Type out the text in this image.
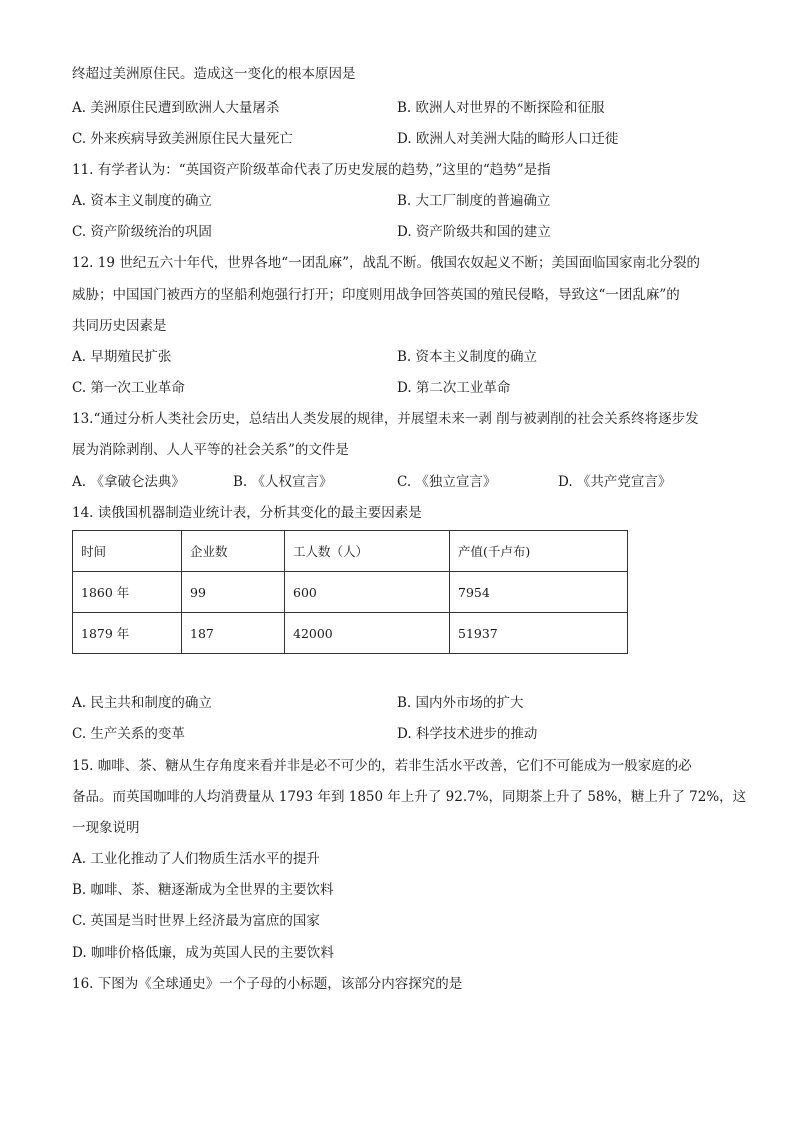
终超过美洲原住民。造成这一变化的根本原因是
A. 美洲原住民遭到欧洲人大量屠杀	B. 欧洲人对世界的不断探险和征服
C. 外来疾病导致美洲原住民大量死亡	D. 欧洲人对美洲大陆的畸形人口迁徙
11. 有学者认为：“英国资产阶级革命代表了历史发展的趋势，”这里的“趋势”是指
A. 资本主义制度的确立	B. 大工厂制度的普遍确立
C. 资产阶级统治的巩固	D. 资产阶级共和国的建立
12. 19 世纪五六十年代，世界各地“一团乱麻”，战乱不断。俄国农奴起义不断；美国面临国家南北分裂的
威胁；中国国门被西方的坚船利炮强行打开；印度则用战争回答英国的殖民侵略，导致这“一团乱麻”的
共同历史因素是
A. 早期殖民扩张	B. 资本主义制度的确立
C. 第一次工业革命	D. 第二次工业革命
13.“通过分析人类社会历史，总结出人类发展的规律，并展望未来一剥 削与被剥削的社会关系终将逐步发
展为消除剥削、人人平等的社会关系”的文件是
A. 《拿破仑法典》	B. 《人权宣言》	C. 《独立宣言》	D. 《共产党宣言》
14. 读俄国机器制造业统计表，分析其变化的最主要因素是
时间	企业数	工人数（人）	产值(千卢布)
1860 年	99	600	7954
1879 年	187	42000	51937
A. 民主共和制度的确立	B. 国内外市场的扩大
C. 生产关系的变革	D. 科学技术进步的推动
15. 咖啡、茶、糖从生存角度来看并非是必不可少的，若非生活水平改善，它们不可能成为一般家庭的必
备品。而英国咖啡的人均消费量从 1793 年到 1850 年上升了 92.7%，同期茶上升了 58%，糖上升了 72%，这
一现象说明
A. 工业化推动了人们物质生活水平的提升
B. 咖啡、茶、糖逐渐成为全世界的主要饮料
C. 英国是当时世界上经济最为富庶的国家
D. 咖啡价格低廉，成为英国人民的主要饮料
16. 下图为《全球通史》一个子母的小标题，该部分内容探究的是
